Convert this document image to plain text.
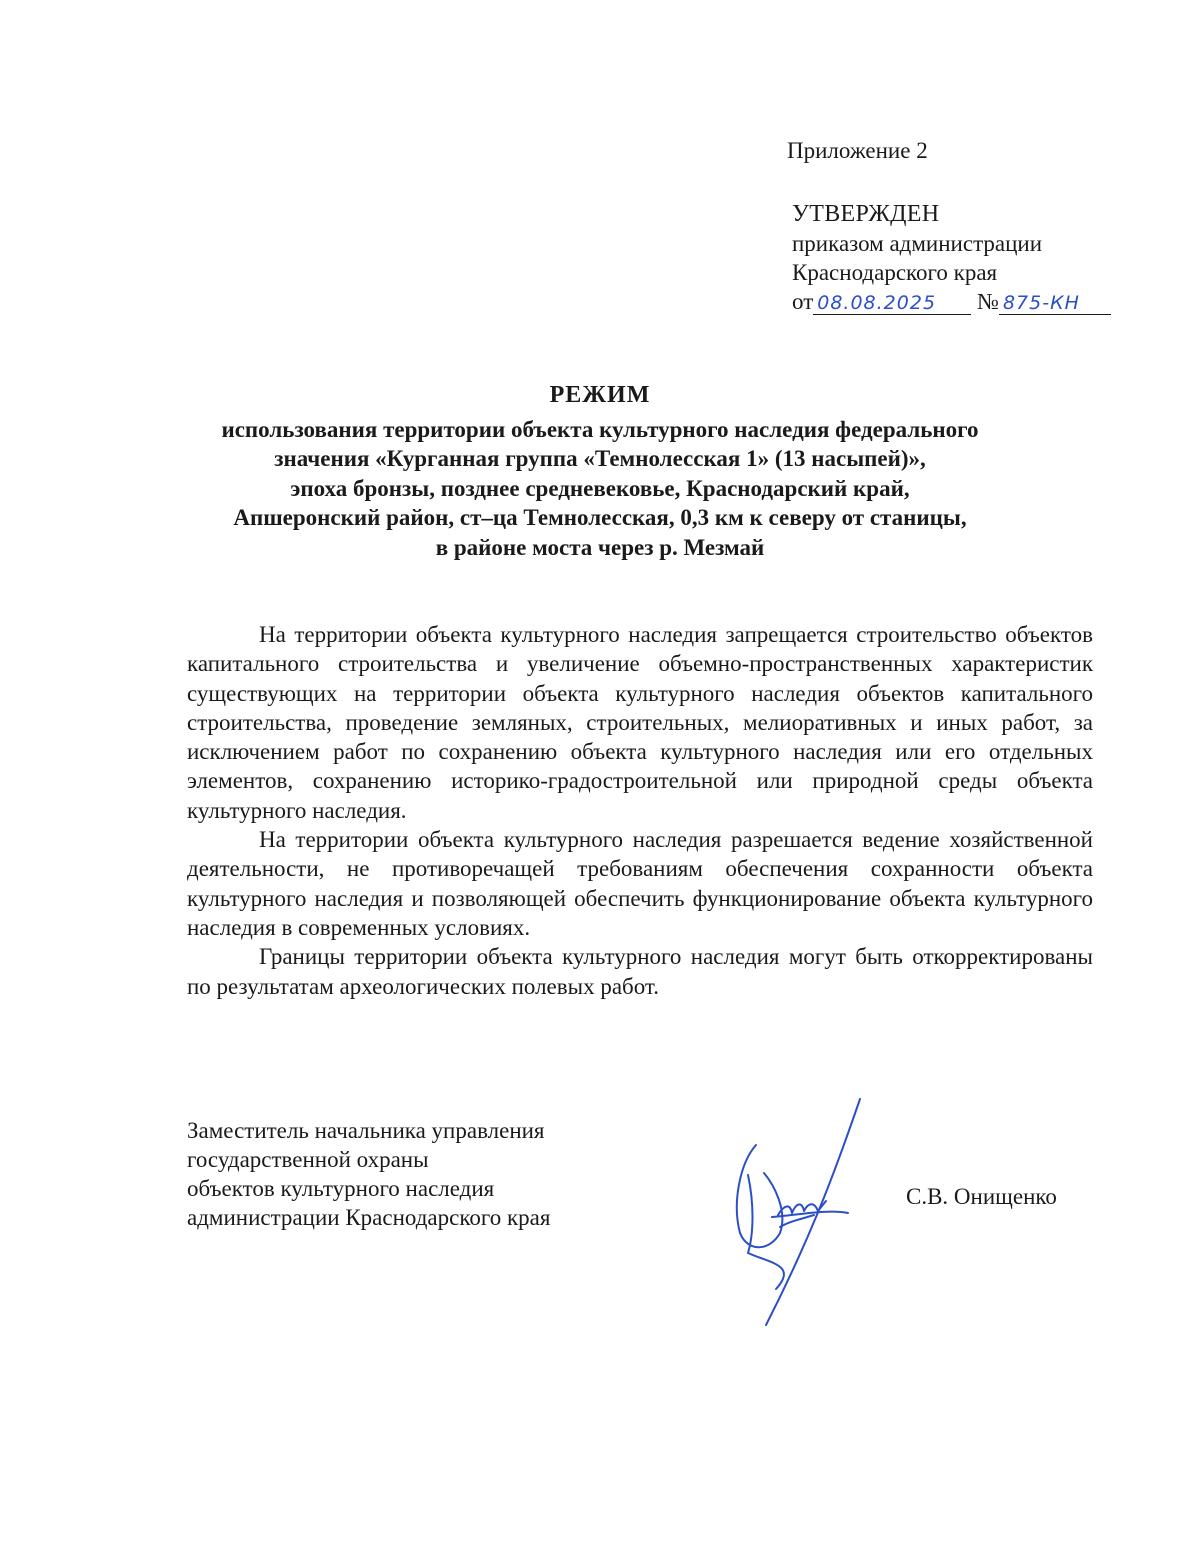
Приложение 2
УТВЕРЖДЕН
приказом администрации
Краснодарского края
от 08.08.2025 № 875-КН
РЕЖИМ
использования территории объекта культурного наследия федерального
значения «Курганная группа «Темнолесская 1» (13 насыпей)»,
эпоха бронзы, позднее средневековье, Краснодарский край,
Апшеронский район, ст–ца Темнолесская, 0,3 км к северу от станицы,
в районе моста через р. Мезмай

На территории объекта культурного наследия запрещается строительство объектов капитального строительства и увеличение объемно-пространственных характеристик существующих на территории объекта культурного наследия объектов капитального строительства, проведение земляных, строительных, мелиоративных и иных работ, за исключением работ по сохранению объекта культурного наследия или его отдельных элементов, сохранению историко-градостроительной или природной среды объекта культурного наследия.

На территории объекта культурного наследия разрешается ведение хозяйственной деятельности, не противоречащей требованиям обеспечения сохранности объекта культурного наследия и позволяющей обеспечить функционирование объекта культурного наследия в современных условиях.

Границы территории объекта культурного наследия могут быть откорректированы по результатам археологических полевых работ.

Заместитель начальника управления
государственной охраны
объектов культурного наследия
администрации Краснодарского края
С.В. Онищенко
